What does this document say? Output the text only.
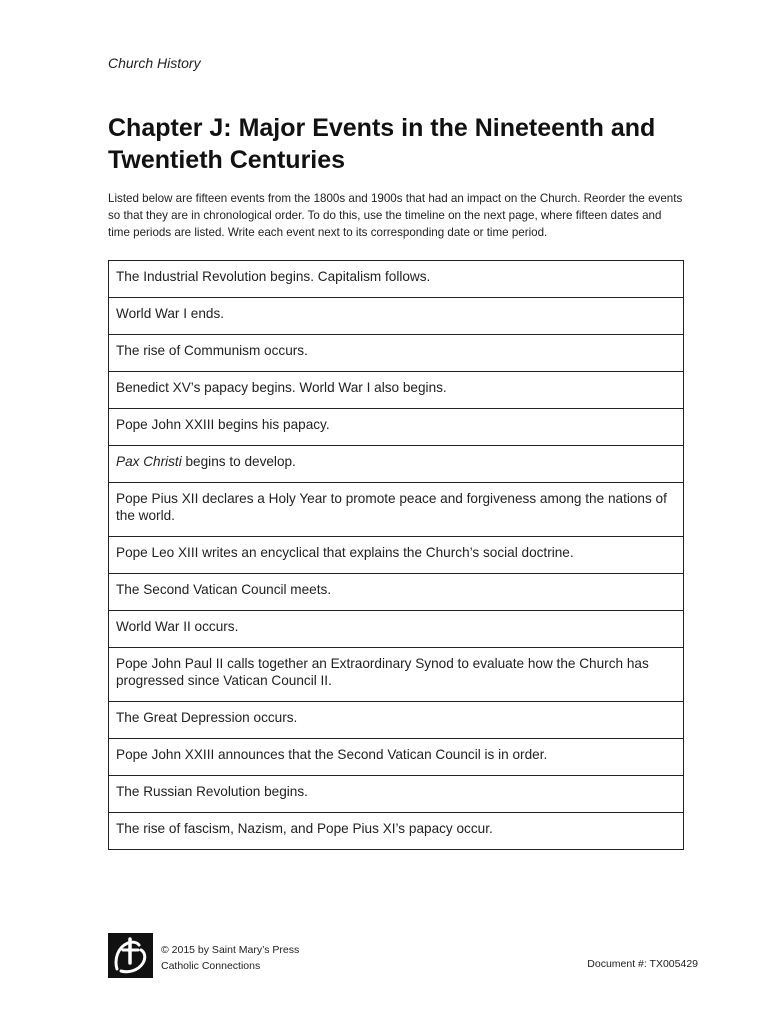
Church History
Chapter J: Major Events in the Nineteenth and Twentieth Centuries

Listed below are fifteen events from the 1800s and 1900s that had an impact on the Church. Reorder the events so that they are in chronological order. To do this, use the timeline on the next page, where fifteen dates and time periods are listed. Write each event next to its corresponding date or time period.

The Industrial Revolution begins. Capitalism follows.
World War I ends.
The rise of Communism occurs.
Benedict XV’s papacy begins. World War I also begins.
Pope John XXIII begins his papacy.
Pax Christi begins to develop.
Pope Pius XII declares a Holy Year to promote peace and forgiveness among the nations of the world.
Pope Leo XIII writes an encyclical that explains the Church’s social doctrine.
The Second Vatican Council meets.
World War II occurs.
Pope John Paul II calls together an Extraordinary Synod to evaluate how the Church has progressed since Vatican Council II.
The Great Depression occurs.
Pope John XXIII announces that the Second Vatican Council is in order.
The Russian Revolution begins.
The rise of fascism, Nazism, and Pope Pius XI’s papacy occur.
© 2015 by Saint Mary’s Press
Catholic Connections	Document #: TX005429
